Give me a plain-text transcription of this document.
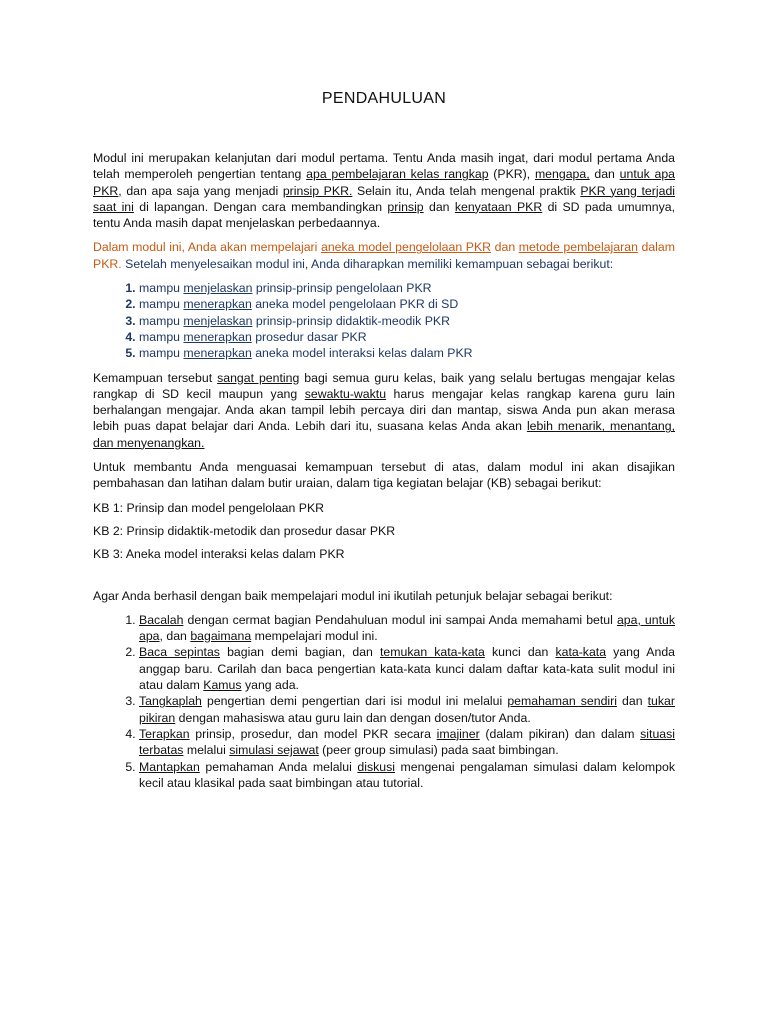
PENDAHULUAN

Modul ini merupakan kelanjutan dari modul pertama. Tentu Anda masih ingat, dari modul pertama Anda telah memperoleh pengertian tentang apa pembelajaran kelas rangkap (PKR), mengapa, dan untuk apa PKR, dan apa saja yang menjadi prinsip PKR. Selain itu, Anda telah mengenal praktik PKR yang terjadi saat ini di lapangan. Dengan cara membandingkan prinsip dan kenyataan PKR di SD pada umumnya, tentu Anda masih dapat menjelaskan perbedaannya.

Dalam modul ini, Anda akan mempelajari aneka model pengelolaan PKR dan metode pembelajaran dalam PKR. Setelah menyelesaikan modul ini, Anda diharapkan memiliki kemampuan sebagai berikut:

1. mampu menjelaskan prinsip-prinsip pengelolaan PKR
2. mampu menerapkan aneka model pengelolaan PKR di SD
3. mampu menjelaskan prinsip-prinsip didaktik-meodik PKR
4. mampu menerapkan prosedur dasar PKR
5. mampu menerapkan aneka model interaksi kelas dalam PKR

Kemampuan tersebut sangat penting bagi semua guru kelas, baik yang selalu bertugas mengajar kelas rangkap di SD kecil maupun yang sewaktu-waktu harus mengajar kelas rangkap karena guru lain berhalangan mengajar. Anda akan tampil lebih percaya diri dan mantap, siswa Anda pun akan merasa lebih puas dapat belajar dari Anda. Lebih dari itu, suasana kelas Anda akan lebih menarik, menantang, dan menyenangkan.

Untuk membantu Anda menguasai kemampuan tersebut di atas, dalam modul ini akan disajikan pembahasan dan latihan dalam butir uraian, dalam tiga kegiatan belajar (KB) sebagai berikut:

KB 1: Prinsip dan model pengelolaan PKR
KB 2: Prinsip didaktik-metodik dan prosedur dasar PKR
KB 3: Aneka model interaksi kelas dalam PKR

Agar Anda berhasil dengan baik mempelajari modul ini ikutilah petunjuk belajar sebagai berikut:

1. Bacalah dengan cermat bagian Pendahuluan modul ini sampai Anda memahami betul apa, untuk apa, dan bagaimana mempelajari modul ini.
2. Baca sepintas bagian demi bagian, dan temukan kata-kata kunci dan kata-kata yang Anda anggap baru. Carilah dan baca pengertian kata-kata kunci dalam daftar kata-kata sulit modul ini atau dalam Kamus yang ada.
3. Tangkaplah pengertian demi pengertian dari isi modul ini melalui pemahaman sendiri dan tukar pikiran dengan mahasiswa atau guru lain dan dengan dosen/tutor Anda.
4. Terapkan prinsip, prosedur, dan model PKR secara imajiner (dalam pikiran) dan dalam situasi terbatas melalui simulasi sejawat (peer group simulasi) pada saat bimbingan.
5. Mantapkan pemahaman Anda melalui diskusi mengenai pengalaman simulasi dalam kelompok kecil atau klasikal pada saat bimbingan atau tutorial.
